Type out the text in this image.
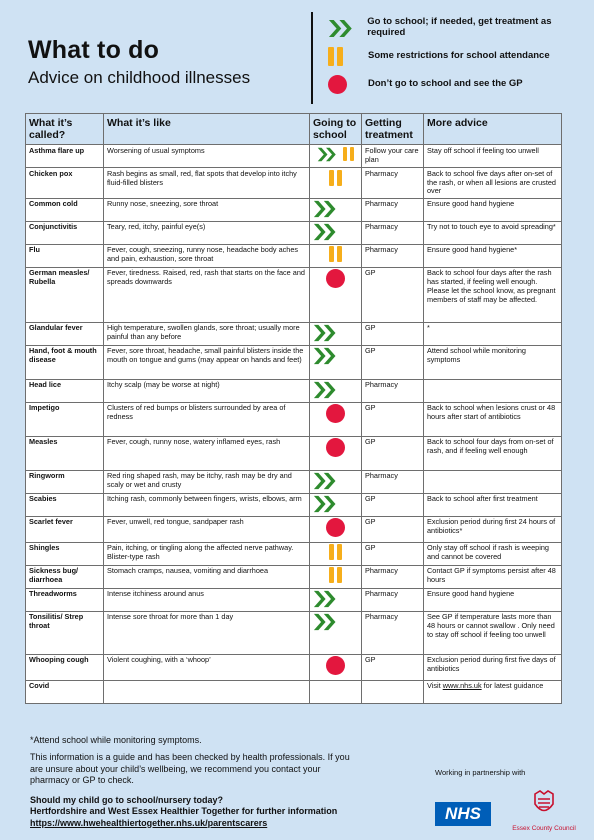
What to do
Advice on childhood illnesses
Go to school; if needed, get treatment as required
Some restrictions for school attendance
Don’t go to school and see the GP
What it’s called?	What it’s like	Going to school	Getting treatment	More advice
Asthma flare up	Worsening of usual symptoms		Follow your care plan	Stay off school if feeling too unwell
Chicken pox	Rash begins as small, red, flat spots that develop into itchy fluid-filled blisters		Pharmacy	Back to school five days after on-set of the rash, or when all lesions are crusted over
Common cold	Runny nose, sneezing, sore throat		Pharmacy	Ensure good hand hygiene
Conjunctivitis	Teary, red, itchy, painful eye(s)		Pharmacy	Try not to touch eye to avoid spreading*
Flu	Fever, cough, sneezing, runny nose, headache body aches and pain, exhaustion, sore throat		Pharmacy	Ensure good hand hygiene*
German measles/ Rubella	Fever, tiredness. Raised, red, rash that starts on the face and spreads downwards		GP	Back to school four days after the rash has started, if feeling well enough. Please let the school know, as pregnant members of staff may be affected.
Glandular fever	High temperature, swollen glands, sore throat; usually more painful than any before		GP	*
Hand, foot & mouth disease	Fever, sore throat, headache, small painful blisters inside the mouth on tongue and gums (may appear on hands and feet)		GP	Attend school while monitoring symptoms
Head lice	Itchy scalp (may be worse at night)		Pharmacy	
Impetigo	Clusters of red bumps or blisters surrounded by area of redness		GP	Back to school when lesions crust or 48 hours after start of antibiotics
Measles	Fever, cough, runny nose, watery inflamed eyes, rash		GP	Back to school four days from on-set of rash, and if feeling well enough
Ringworm	Red ring shaped rash, may be itchy, rash may be dry and scaly or wet and crusty		Pharmacy	
Scabies	Itching rash, commonly between fingers, wrists, elbows, arm		GP	Back to school after first treatment
Scarlet fever	Fever, unwell, red tongue, sandpaper rash		GP	Exclusion period during first 24 hours of antibiotics*
Shingles	Pain, itching, or tingling along the affected nerve pathway. Blister-type rash		GP	Only stay off school if rash is weeping and cannot be covered
Sickness bug/ diarrhoea	Stomach cramps, nausea, vomiting and diarrhoea		Pharmacy	Contact GP if symptoms persist after 48 hours
Threadworms	Intense itchiness around anus		Pharmacy	Ensure good hand hygiene
Tonsilitis/ Strep throat	Intense sore throat for more than 1 day		Pharmacy	See GP if temperature lasts more than 48 hours or cannot swallow . Only need to stay off school if feeling too unwell
Whooping cough	Violent coughing, with a ‘whoop’		GP	Exclusion period during first five days of antibiotics
Covid				Visit www.nhs.uk for latest guidance
*Attend school while monitoring symptoms.
This information is a guide and has been checked by health professionals. If you are unsure about your child’s wellbeing, we recommend you contact your pharmacy or GP to check.
Should my child go to school/nursery today?
Hertfordshire and West Essex Healthier Together for further information
https://www.hwehealthiertogether.nhs.uk/parentscarers
Working in partnership with
NHS
Essex County Council
